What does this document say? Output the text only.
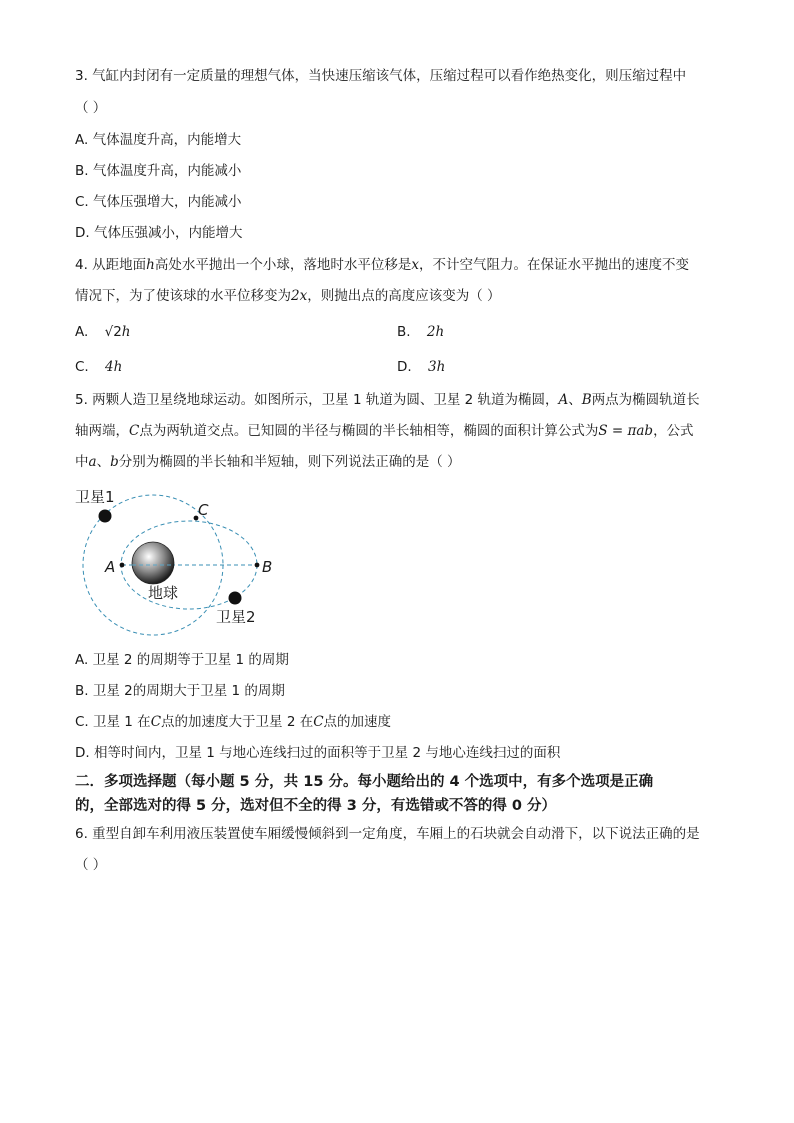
3. 气缸内封闭有一定质量的理想气体，当快速压缩该气体，压缩过程可以看作绝热变化，则压缩过程中
（ ）
A. 气体温度升高，内能增大
B. 气体温度升高，内能减小
C. 气体压强增大，内能减小
D. 气体压强减小，内能增大
4. 从距地面h高处水平抛出一个小球，落地时水平位移是x，不计空气阻力。在保证水平抛出的速度不变
情况下，为了使该球的水平位移变为2x，则抛出点的高度应该变为（ ）
A. √2h	B. 2h
C. 4h	D. 3h
5. 两颗人造卫星绕地球运动。如图所示，卫星 1 轨道为圆、卫星 2 轨道为椭圆，A、B两点为椭圆轨道长
轴两端，C点为两轨道交点。已知圆的半径与椭圆的半长轴相等，椭圆的面积计算公式为S = πab，公式
中a、b分别为椭圆的半长轴和半短轴，则下列说法正确的是（ ）
卫星1
卫星2
地球
A	B
C
A. 卫星 2 的周期等于卫星 1 的周期
B. 卫星 2的周期大于卫星 1 的周期
C. 卫星 1 在C点的加速度大于卫星 2 在C点的加速度
D. 相等时间内，卫星 1 与地心连线扫过的面积等于卫星 2 与地心连线扫过的面积
二．多项选择题（每小题 5 分，共 15 分。每小题给出的 4 个选项中，有多个选项是正确
的，全部选对的得 5 分，选对但不全的得 3 分，有选错或不答的得 0 分）
6. 重型自卸车利用液压装置使车厢缓慢倾斜到一定角度，车厢上的石块就会自动滑下，以下说法正确的是
（ ）
